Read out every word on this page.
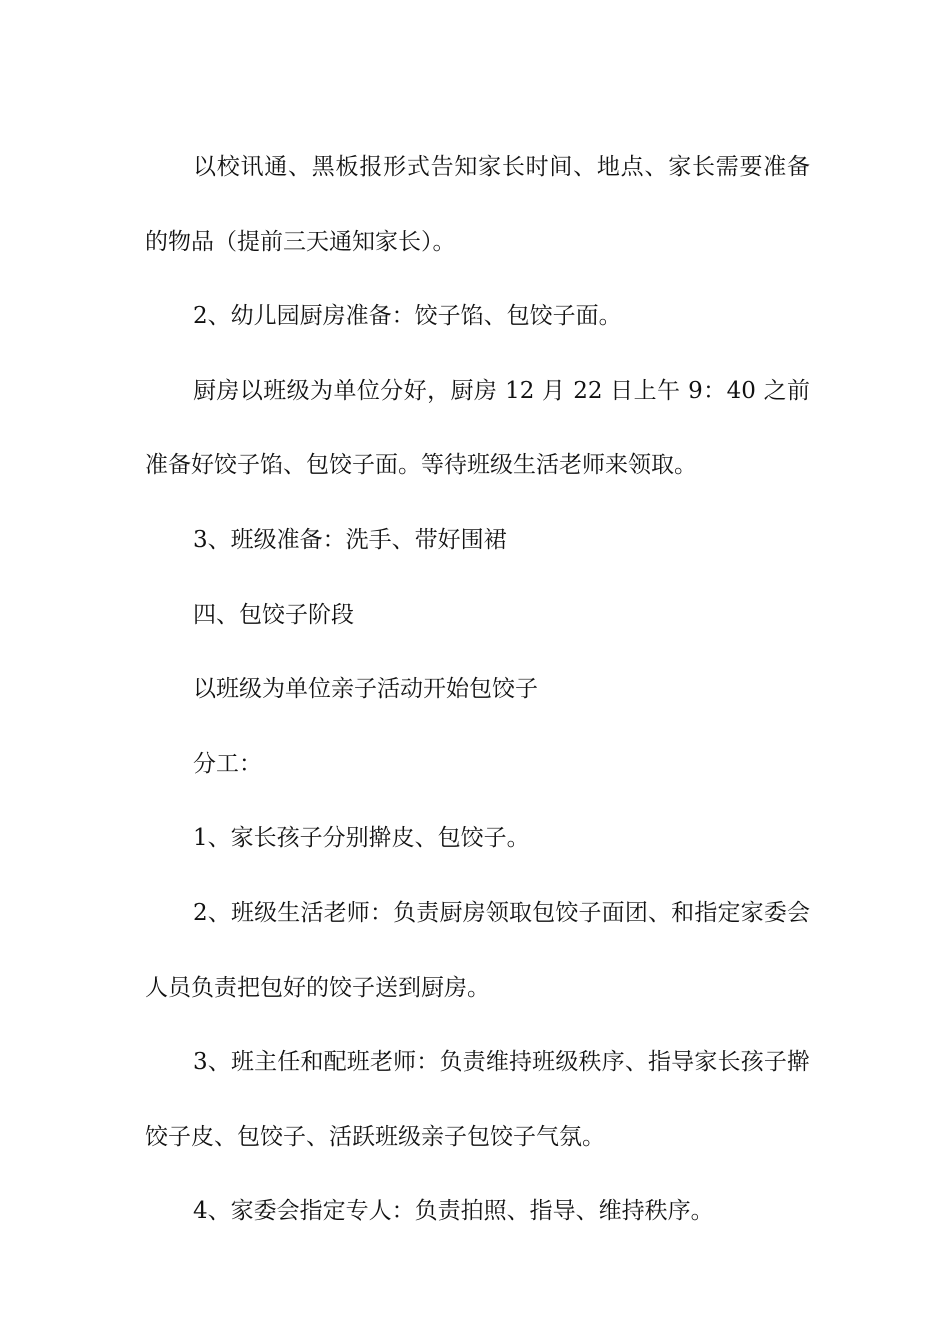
以校讯通、黑板报形式告知家长时间、地点、家长需要准备的物品（提前三天通知家长）。

2、幼儿园厨房准备：饺子馅、包饺子面。

厨房以班级为单位分好，厨房 12 月 22 日上午 9：40 之前准备好饺子馅、包饺子面。等待班级生活老师来领取。

3、班级准备：洗手、带好围裙

四、包饺子阶段

以班级为单位亲子活动开始包饺子

分工：

1、家长孩子分别擀皮、包饺子。

2、班级生活老师：负责厨房领取包饺子面团、和指定家委会人员负责把包好的饺子送到厨房。

3、班主任和配班老师：负责维持班级秩序、指导家长孩子擀饺子皮、包饺子、活跃班级亲子包饺子气氛。

4、家委会指定专人：负责拍照、指导、维持秩序。
